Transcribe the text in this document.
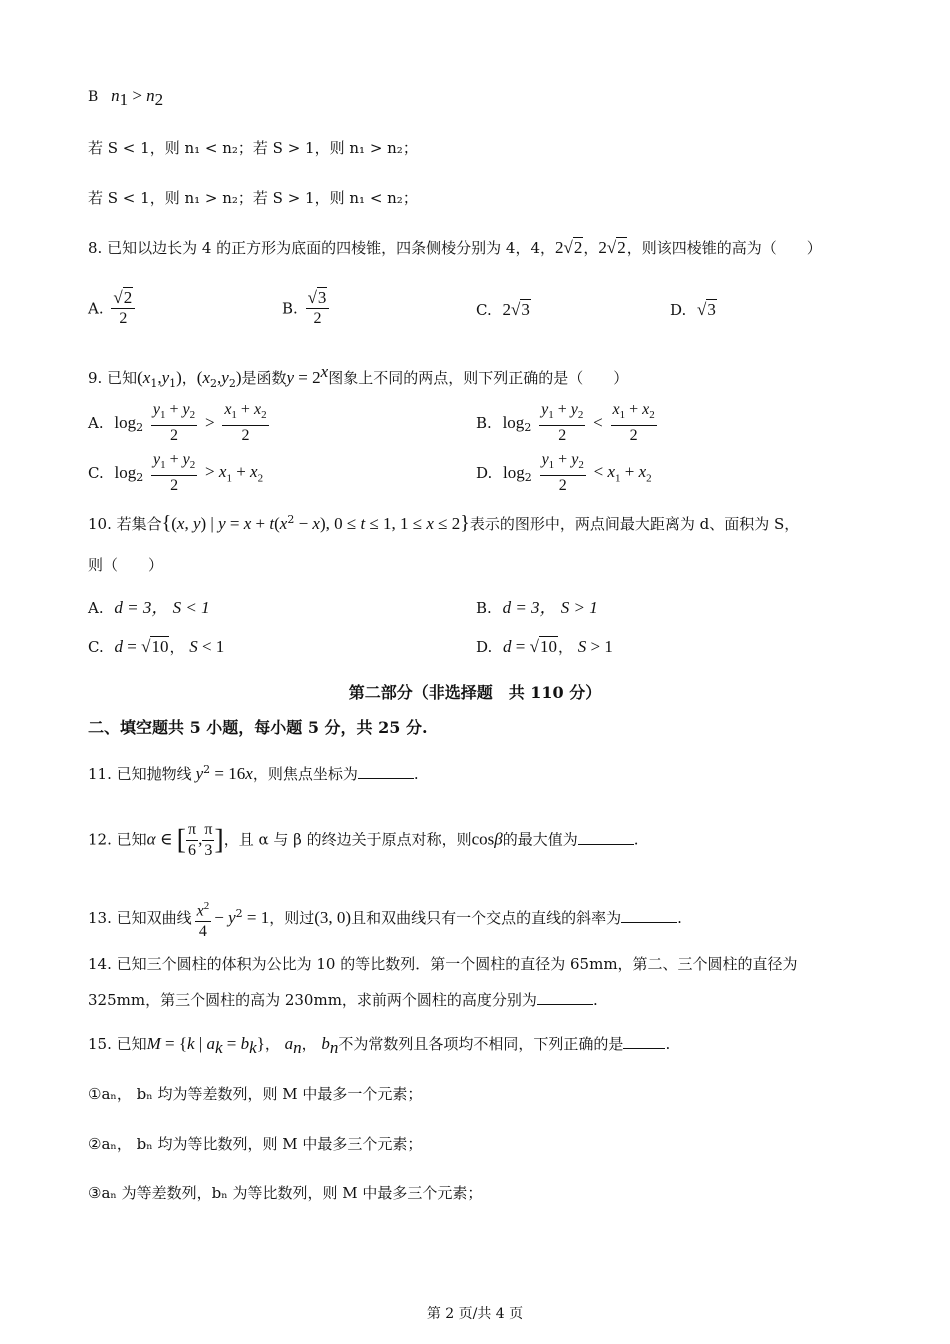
B $n_1 > n_2$
若 S < 1，则 n₁ < n₂；若 S > 1，则 n₁ > n₂；
若 S < 1，则 n₁ > n₂；若 S > 1，则 n₁ < n₂；
8. 已知以边长为 4 的正方形为底面的四棱锥，四条侧棱分别为 4，4，2√2，2√2，则该四棱锥的高为（　　）
A. $\frac{√2}{2}$	B. $\frac{√3}{2}$	C. 2√3	D. √3
9. 已知$(x_1,y_1)$，$(x_2,y_2)$是函数$y = 2^x$图象上不同的两点，则下列正确的是（　　）
A. $\log_2 \frac{y_1 + y_2}{2} > \frac{x_1 + x_2}{2}$	B. $\log_2 \frac{y_1 + y_2}{2} < \frac{x_1 + x_2}{2}$
C. $\log_2 \frac{y_1 + y_2}{2} > x_1 + x_2$	D. $\log_2 \frac{y_1 + y_2}{2} < x_1 + x_2$
10. 若集合{(x, y) | $y = x + t(x^2 - x)$, 0 ≤ t ≤ 1, 1 ≤ x ≤ 2}表示的图形中，两点间最大距离为 d、面积为 S，
则（　　）
A. d = 3， S < 1	B. d = 3， S > 1
C. d = √10， S < 1	D. d = √10， S > 1
第二部分（非选择题　共 110 分）
二、填空题共 5 小题，每小题 5 分，共 25 分.
11. 已知抛物线 $y^2 = 16x$，则焦点坐标为	.
12. 已知α ∈ [ $\frac{\pi}{6}$ , $\frac{\pi}{3}$ ]，且 α 与 β 的终边关于原点对称，则cosβ的最大值为	.
13. 已知双曲线 $\frac{x^2}{4} - y^2 = 1$，则过(3, 0)且和双曲线只有一个交点的直线的斜率为	.
14. 已知三个圆柱的体积为公比为 10 的等比数列．第一个圆柱的直径为 65mm，第二、三个圆柱的直径为
325mm，第三个圆柱的高为 230mm，求前两个圆柱的高度分别为	.
15. 已知M = {k | $a_k = b_k$}， $a_n$， $b_n$不为常数列且各项均不相同，下列正确的是	.
①aₙ， bₙ 均为等差数列，则 M 中最多一个元素；
②aₙ， bₙ 均为等比数列，则 M 中最多三个元素；
③aₙ 为等差数列，bₙ 为等比数列，则 M 中最多三个元素；
第 2 页/共 4 页
